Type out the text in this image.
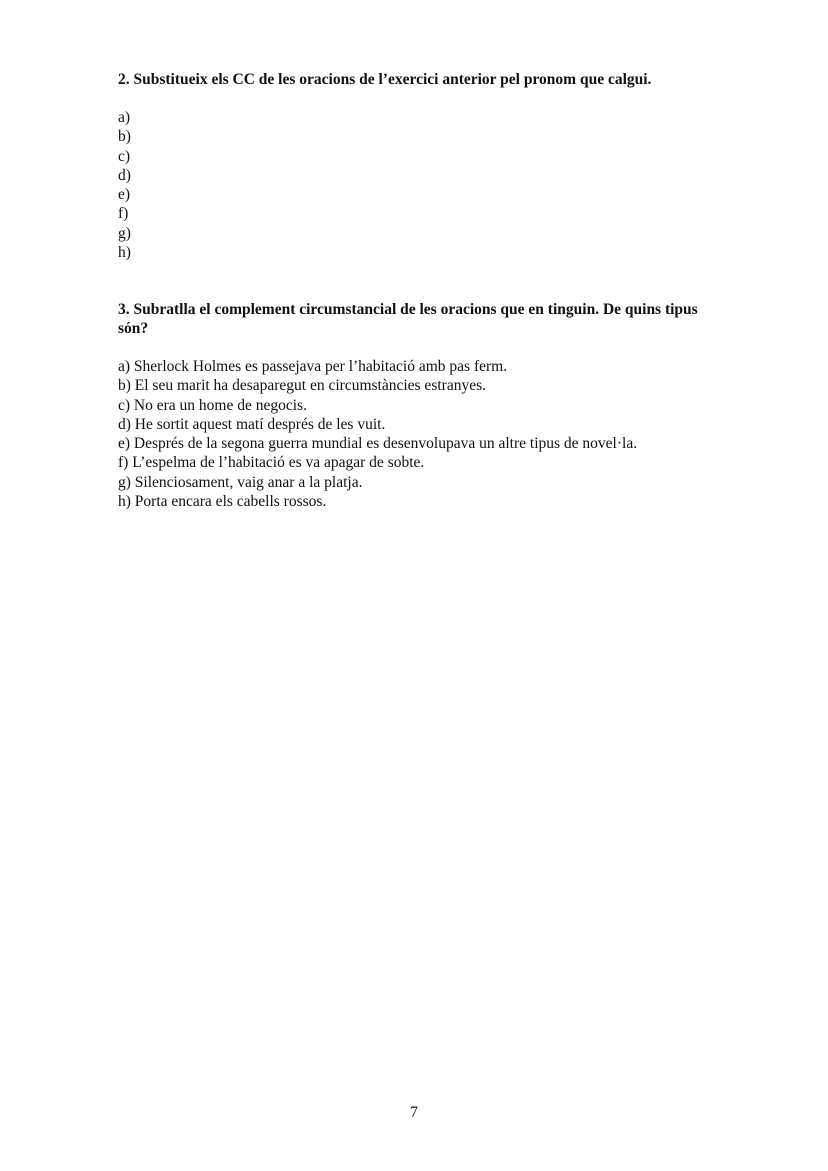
2. Substitueix els CC de les oracions de l’exercici anterior pel pronom que calgui.

a)
b)
c)
d)
e)
f)
g)
h)

3. Subratlla el complement circumstancial de les oracions que en tinguin. De quins tipus són?

a) Sherlock Holmes es passejava per l’habitació amb pas ferm.
b) El seu marit ha desaparegut en circumstàncies estranyes.
c) No era un home de negocis.
d) He sortit aquest matí després de les vuit.
e) Després de la segona guerra mundial es desenvolupava un altre tipus de novel·la.
f) L’espelma de l’habitació es va apagar de sobte.
g) Silenciosament, vaig anar a la platja.
h) Porta encara els cabells rossos.
7
